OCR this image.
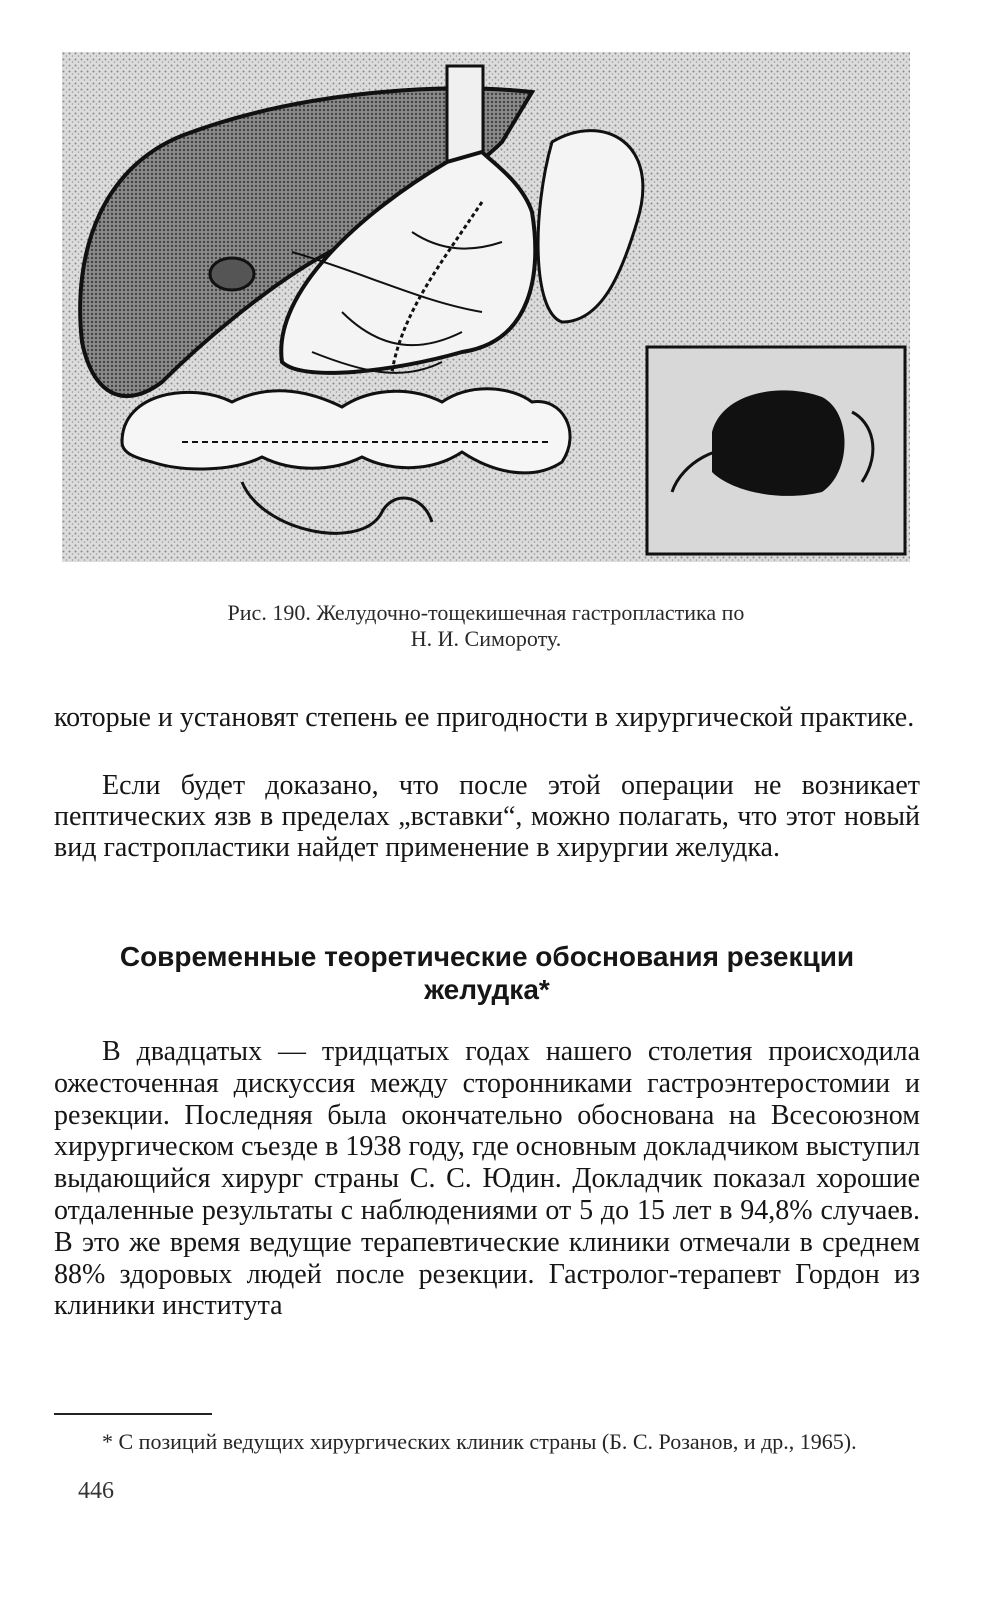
Рис. 190. Желудочно-тощекишечная гастропластика по
Н. И. Симороту.

которые и установят степень ее пригодности в хирургической практике.

Если будет доказано, что после этой операции не возникает пептических язв в пределах „вставки“, можно полагать, что этот новый вид гастропластики найдет применение в хирургии желудка.

Современные теоретические обоснования резекции желудка*

В двадцатых — тридцатых годах нашего столетия происходила ожесточенная дискуссия между сторонниками гастроэнтеростомии и резекции. Последняя была окончательно обоснована на Всесоюзном хирургическом съезде в 1938 году, где основным докладчиком выступил выдающийся хирург страны С. С. Юдин. Докладчик показал хорошие отдаленные результаты с наблюдениями от 5 до 15 лет в 94,8% случаев. В это же время ведущие терапевтические клиники отмечали в среднем 88% здоровых людей после резекции. Гастролог-терапевт Гордон из клиники института

* С позиций ведущих хирургических клиник страны (Б. С. Розанов, и др., 1965).

446
